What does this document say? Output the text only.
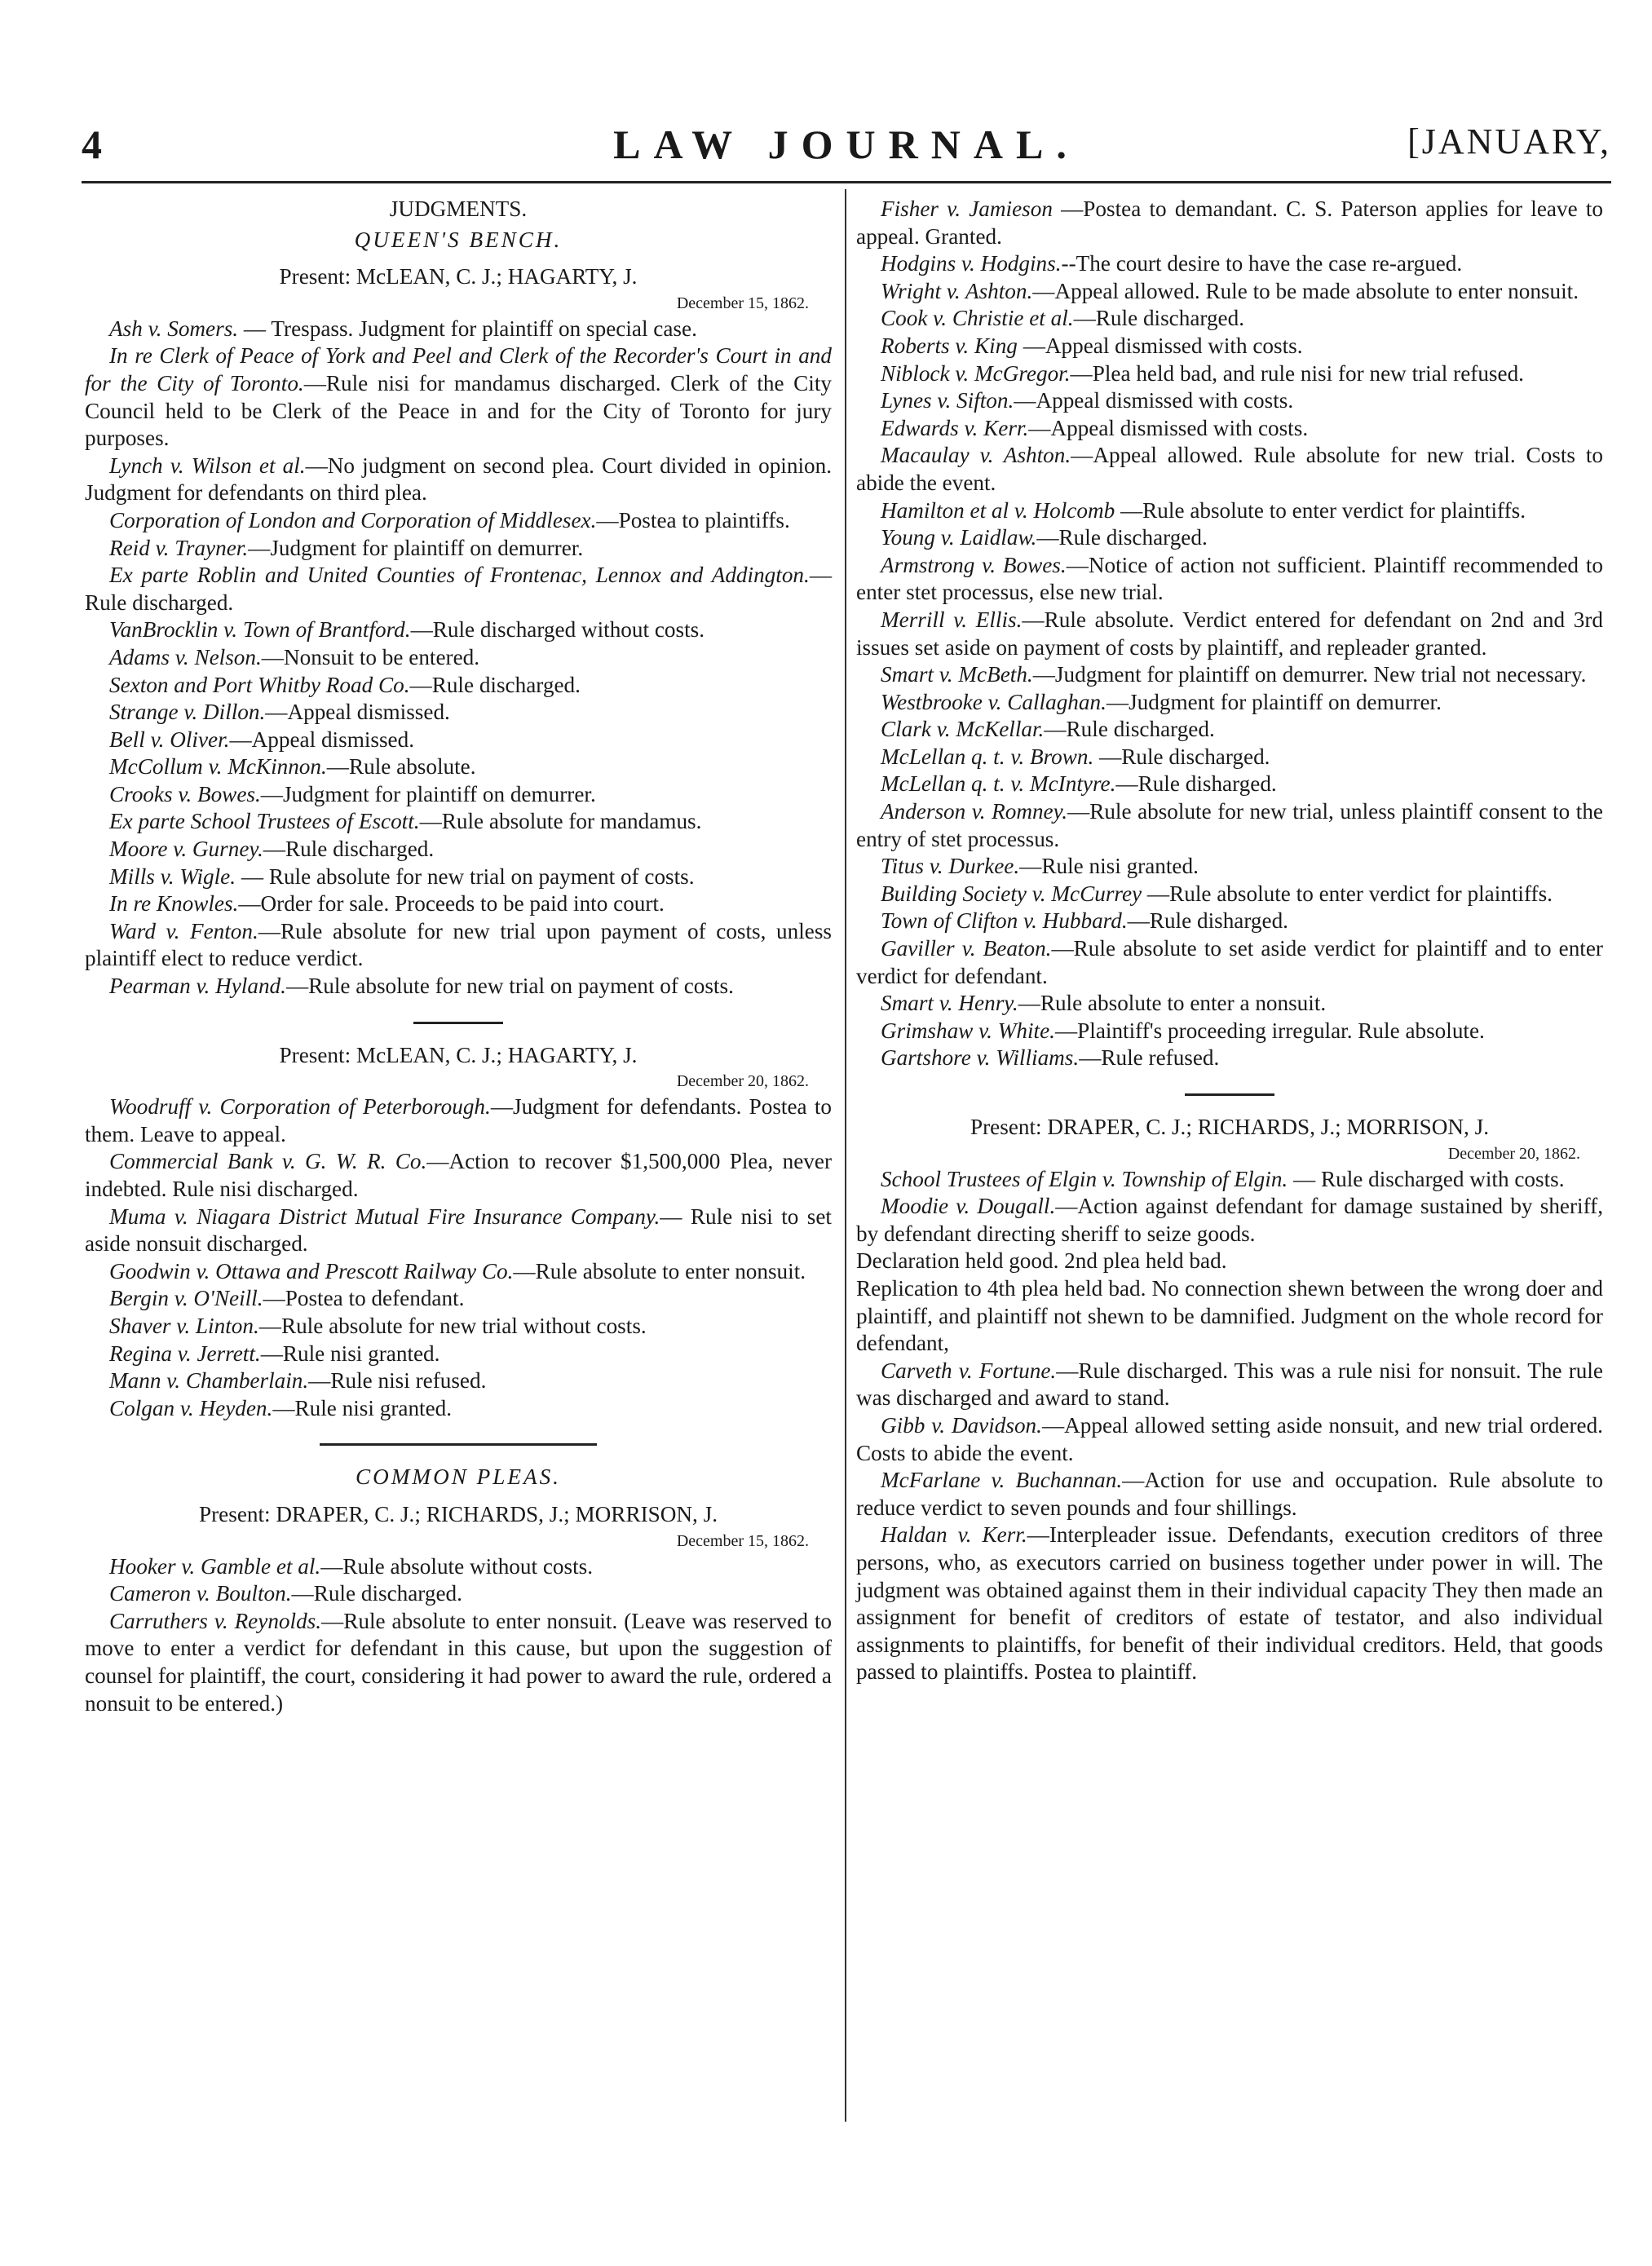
4	LAW JOURNAL.	[JANUARY,

JUDGMENTS.

QUEEN'S BENCH.

Present: McLEAN, C. J.; HAGARTY, J.

December 15, 1862.

Ash v. Somers. — Trespass. Judgment for plaintiff on special case.

In re Clerk of Peace of York and Peel and Clerk of the Recorder's Court in and for the City of Toronto.—Rule nisi for mandamus discharged. Clerk of the City Council held to be Clerk of the Peace in and for the City of Toronto for jury purposes.

Lynch v. Wilson et al.—No judgment on second plea. Court divided in opinion. Judgment for defendants on third plea.

Corporation of London and Corporation of Middlesex.—Postea to plaintiffs.

Reid v. Trayner.—Judgment for plaintiff on demurrer.

Ex parte Roblin and United Counties of Frontenac, Lennox and Addington.—Rule discharged.

VanBrocklin v. Town of Brantford.—Rule discharged without costs.

Adams v. Nelson.—Nonsuit to be entered.

Sexton and Port Whitby Road Co.—Rule discharged.

Strange v. Dillon.—Appeal dismissed.

Bell v. Oliver.—Appeal dismissed.

McCollum v. McKinnon.—Rule absolute.

Crooks v. Bowes.—Judgment for plaintiff on demurrer.

Ex parte School Trustees of Escott.—Rule absolute for mandamus.

Moore v. Gurney.—Rule discharged.

Mills v. Wigle. — Rule absolute for new trial on payment of costs.

In re Knowles.—Order for sale. Proceeds to be paid into court.

Ward v. Fenton.—Rule absolute for new trial upon payment of costs, unless plaintiff elect to reduce verdict.

Pearman v. Hyland.—Rule absolute for new trial on payment of costs.

Present: McLEAN, C. J.; HAGARTY, J.

December 20, 1862.

Woodruff v. Corporation of Peterborough.—Judgment for defendants. Postea to them. Leave to appeal.

Commercial Bank v. G. W. R. Co.—Action to recover $1,500,000 Plea, never indebted. Rule nisi discharged.

Muma v. Niagara District Mutual Fire Insurance Company.— Rule nisi to set aside nonsuit discharged.

Goodwin v. Ottawa and Prescott Railway Co.—Rule absolute to enter nonsuit.

Bergin v. O'Neill.—Postea to defendant.

Shaver v. Linton.—Rule absolute for new trial without costs.

Regina v. Jerrett.—Rule nisi granted.

Mann v. Chamberlain.—Rule nisi refused.

Colgan v. Heyden.—Rule nisi granted.

COMMON PLEAS.

Present: DRAPER, C. J.; RICHARDS, J.; MORRISON, J.

December 15, 1862.

Hooker v. Gamble et al.—Rule absolute without costs.

Cameron v. Boulton.—Rule discharged.

Carruthers v. Reynolds.—Rule absolute to enter nonsuit. (Leave was reserved to move to enter a verdict for defendant in this cause, but upon the suggestion of counsel for plaintiff, the court, considering it had power to award the rule, ordered a nonsuit to be entered.)

Fisher v. Jamieson —Postea to demandant. C. S. Paterson applies for leave to appeal. Granted.

Hodgins v. Hodgins.--The court desire to have the case re-argued.

Wright v. Ashton.—Appeal allowed. Rule to be made absolute to enter nonsuit.

Cook v. Christie et al.—Rule discharged.

Roberts v. King —Appeal dismissed with costs.

Niblock v. McGregor.—Plea held bad, and rule nisi for new trial refused.

Lynes v. Sifton.—Appeal dismissed with costs.

Edwards v. Kerr.—Appeal dismissed with costs.

Macaulay v. Ashton.—Appeal allowed. Rule absolute for new trial. Costs to abide the event.

Hamilton et al v. Holcomb —Rule absolute to enter verdict for plaintiffs.

Young v. Laidlaw.—Rule discharged.

Armstrong v. Bowes.—Notice of action not sufficient. Plaintiff recommended to enter stet processus, else new trial.

Merrill v. Ellis.—Rule absolute. Verdict entered for defendant on 2nd and 3rd issues set aside on payment of costs by plaintiff, and repleader granted.

Smart v. McBeth.—Judgment for plaintiff on demurrer. New trial not necessary.

Westbrooke v. Callaghan.—Judgment for plaintiff on demurrer.

Clark v. McKellar.—Rule discharged.

McLellan q. t. v. Brown. —Rule discharged.

McLellan q. t. v. McIntyre.—Rule disharged.

Anderson v. Romney.—Rule absolute for new trial, unless plaintiff consent to the entry of stet processus.

Titus v. Durkee.—Rule nisi granted.

Building Society v. McCurrey —Rule absolute to enter verdict for plaintiffs.

Town of Clifton v. Hubbard.—Rule disharged.

Gaviller v. Beaton.—Rule absolute to set aside verdict for plaintiff and to enter verdict for defendant.

Smart v. Henry.—Rule absolute to enter a nonsuit.

Grimshaw v. White.—Plaintiff's proceeding irregular. Rule absolute.

Gartshore v. Williams.—Rule refused.

Present: DRAPER, C. J.; RICHARDS, J.; MORRISON, J.

December 20, 1862.

School Trustees of Elgin v. Township of Elgin. — Rule discharged with costs.

Moodie v. Dougall.—Action against defendant for damage sustained by sheriff, by defendant directing sheriff to seize goods.

Declaration held good. 2nd plea held bad.

Replication to 4th plea held bad. No connection shewn between the wrong doer and plaintiff, and plaintiff not shewn to be damnified. Judgment on the whole record for defendant,

Carveth v. Fortune.—Rule discharged. This was a rule nisi for nonsuit. The rule was discharged and award to stand.

Gibb v. Davidson.—Appeal allowed setting aside nonsuit, and new trial ordered. Costs to abide the event.

McFarlane v. Buchannan.—Action for use and occupation. Rule absolute to reduce verdict to seven pounds and four shillings.

Haldan v. Kerr.—Interpleader issue. Defendants, execution creditors of three persons, who, as executors carried on business together under power in will. The judgment was obtained against them in their individual capacity They then made an assignment for benefit of creditors of estate of testator, and also individual assignments to plaintiffs, for benefit of their individual creditors. Held, that goods passed to plaintiffs. Postea to plaintiff.
